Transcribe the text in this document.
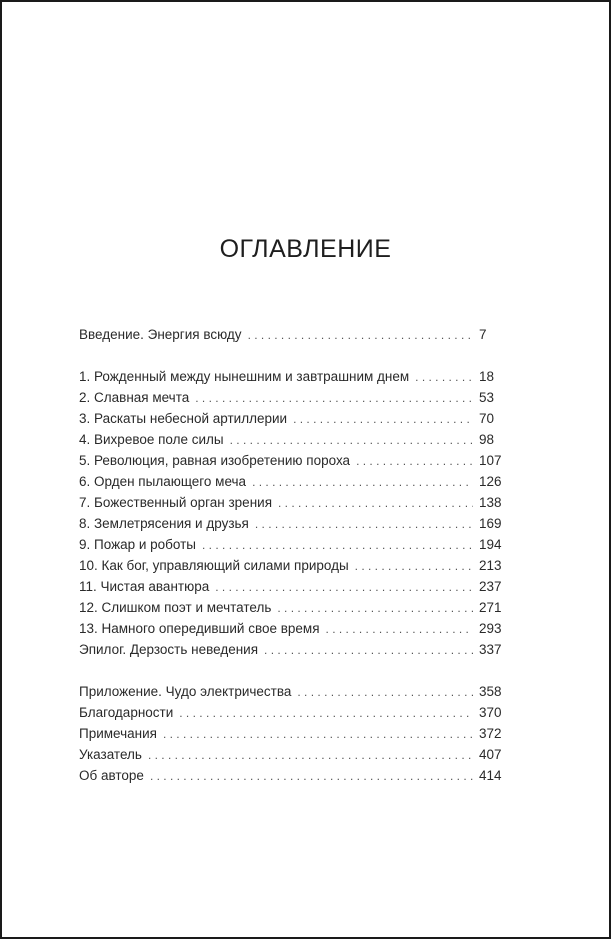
ОГЛАВЛЕНИЕ
Введение. Энергия всюду . . .	7
1. Рожденный между нынешним и завтрашним днем . . .	18
2. Славная мечта . . .	53
3. Раскаты небесной артиллерии . . .	70
4. Вихревое поле силы . . .	98
5. Революция, равная изобретению пороха . . .	107
6. Орден пылающего меча . . .	126
7. Божественный орган зрения . . .	138
8. Землетрясения и друзья . . .	169
9. Пожар и роботы . . .	194
10. Как бог, управляющий силами природы . . .	213
11. Чистая авантюра . . .	237
12. Слишком поэт и мечтатель . . .	271
13. Намного опередивший свое время . . .	293
Эпилог. Дерзость неведения . . .	337
Приложение. Чудо электричества . . .	358
Благодарности . . .	370
Примечания . . .	372
Указатель . . .	407
Об авторе . . .	414
